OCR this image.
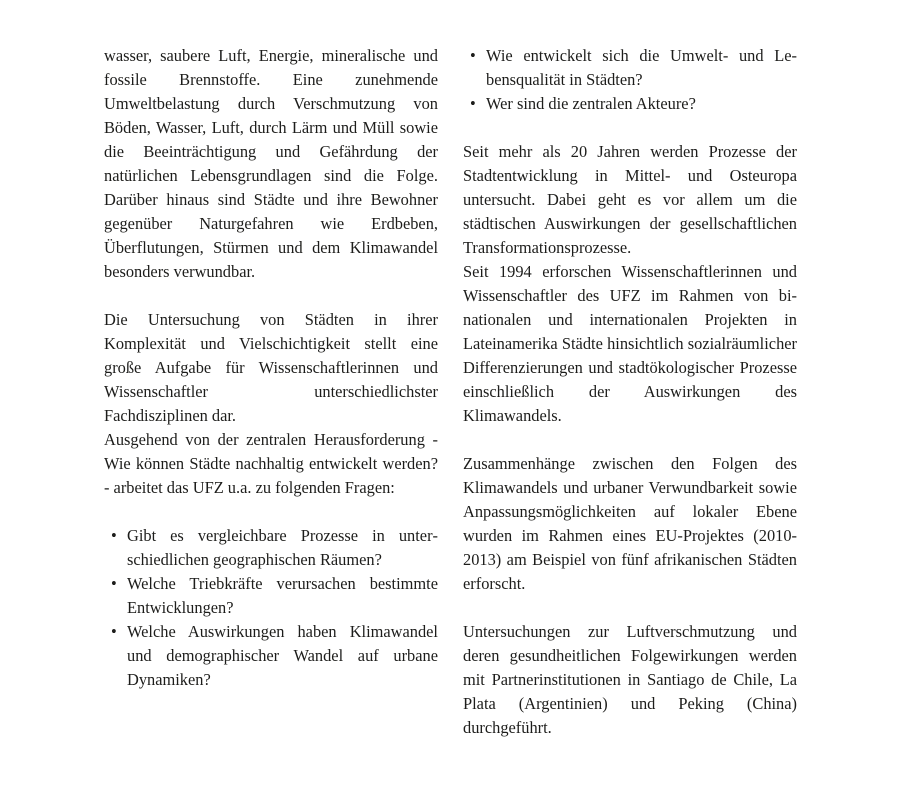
wasser, saubere Luft, Energie, mineralische und fossile Brennstoffe. Eine zunehmende Umweltbelastung durch Verschmutzung von Böden, Wasser, Luft, durch Lärm und Müll sowie die Beeinträchtigung und Gefährdung der natürlichen Lebensgrundlagen sind die Folge. Darüber hinaus sind Städte und ihre Bewohner gegenüber Naturgefahren wie Erdbeben, Überflutungen, Stürmen und dem Klimawandel besonders verwundbar.

Die Untersuchung von Städten in ihrer Komplexität und Vielschichtigkeit stellt eine große Aufgabe für Wissenschaftlerinnen und Wissenschaftler unterschiedlichster Fachdisziplinen dar.

Ausgehend von der zentralen Herausforderung - Wie können Städte nachhaltig entwickelt werden? - arbeitet das UFZ u.a. zu folgenden Fragen:

• Gibt es vergleichbare Prozesse in unterschiedlichen geographischen Räumen?
• Welche Triebkräfte verursachen bestimmte Entwicklungen?
• Welche Auswirkungen haben Klimawandel und demographischer Wandel auf urbane Dynamiken?
• Wie entwickelt sich die Umwelt- und Lebensqualität in Städten?
• Wer sind die zentralen Akteure?

Seit mehr als 20 Jahren werden Prozesse der Stadtentwicklung in Mittel- und Osteuropa untersucht. Dabei geht es vor allem um die städtischen Auswirkungen der gesellschaftlichen Transformationsprozesse.

Seit 1994 erforschen Wissenschaftlerinnen und Wissenschaftler des UFZ im Rahmen von bi-nationalen und internationalen Projekten in Lateinamerika Städte hinsichtlich sozialräumlicher Differenzierungen und stadtökologischer Prozesse einschließlich der Auswirkungen des Klimawandels.

Zusammenhänge zwischen den Folgen des Klimawandels und urbaner Verwundbarkeit sowie Anpassungsmöglichkeiten auf lokaler Ebene wurden im Rahmen eines EU-Projektes (2010-2013) am Beispiel von fünf afrikanischen Städten erforscht.

Untersuchungen zur Luftverschmutzung und deren gesundheitlichen Folgewirkungen werden mit Partnerinstitutionen in Santiago de Chile, La Plata (Argentinien) und Peking (China) durchgeführt.
